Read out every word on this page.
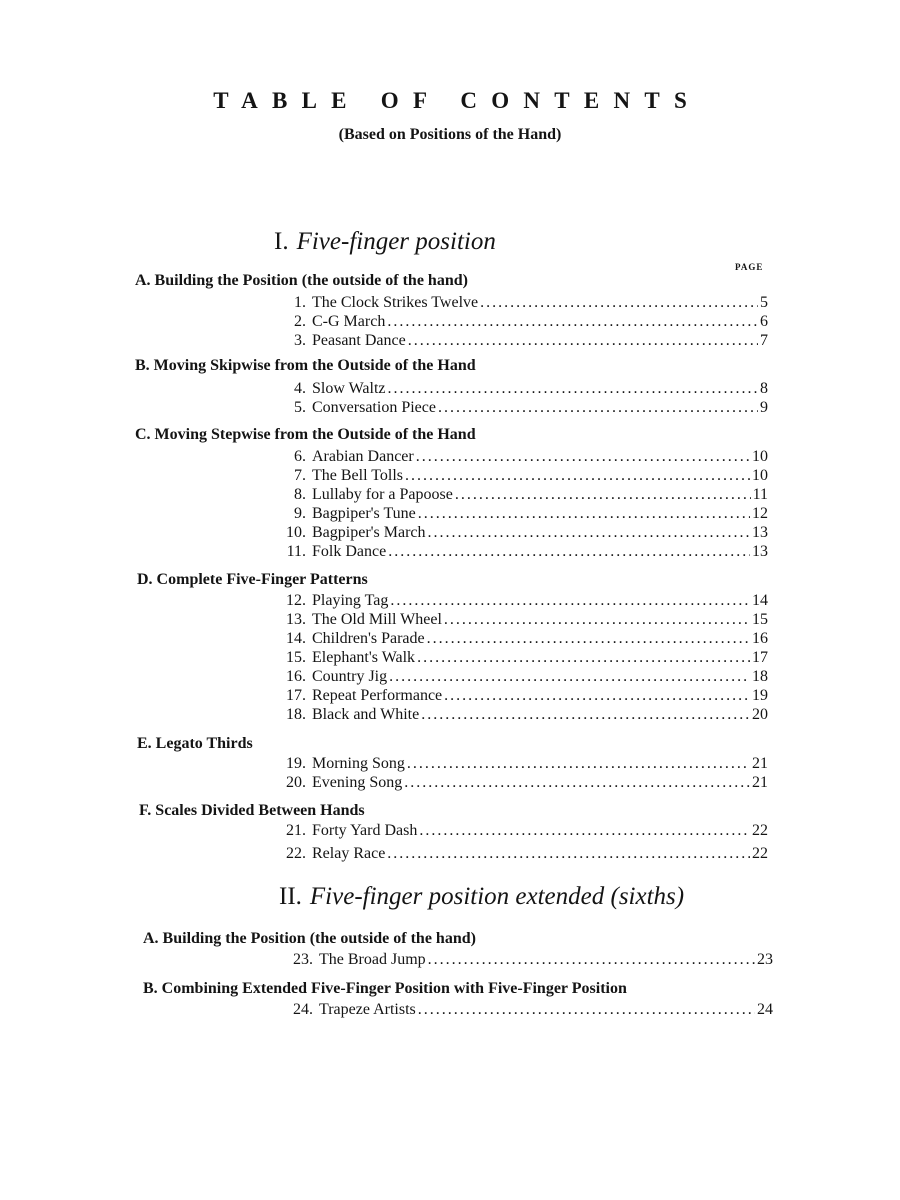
TABLE OF CONTENTS
(Based on Positions of the Hand)
PAGE
I. Five-finger position
A. Building the Position (the outside of the hand)
1. The Clock Strikes Twelve . . .	5
2. C-G March . . .	6
3. Peasant Dance . . .	7
B. Moving Skipwise from the Outside of the Hand
4. Slow Waltz . . .	8
5. Conversation Piece . . .	9
C. Moving Stepwise from the Outside of the Hand
6. Arabian Dancer . . .	10
7. The Bell Tolls . . .	10
8. Lullaby for a Papoose . . .	11
9. Bagpiper's Tune . . .	12
10. Bagpiper's March . . .	13
11. Folk Dance . . .	13
D. Complete Five-Finger Patterns
12. Playing Tag . . .	14
13. The Old Mill Wheel . . .	15
14. Children's Parade . . .	16
15. Elephant's Walk . . .	17
16. Country Jig . . .	18
17. Repeat Performance . . .	19
18. Black and White . . .	20
E. Legato Thirds
19. Morning Song . . .	21
20. Evening Song . . .	21
F. Scales Divided Between Hands
21. Forty Yard Dash . . .	22
22. Relay Race . . .	22
II. Five-finger position extended (sixths)
A. Building the Position (the outside of the hand)
23. The Broad Jump . . .	23
B. Combining Extended Five-Finger Position with Five-Finger Position
24. Trapeze Artists . . .	24
